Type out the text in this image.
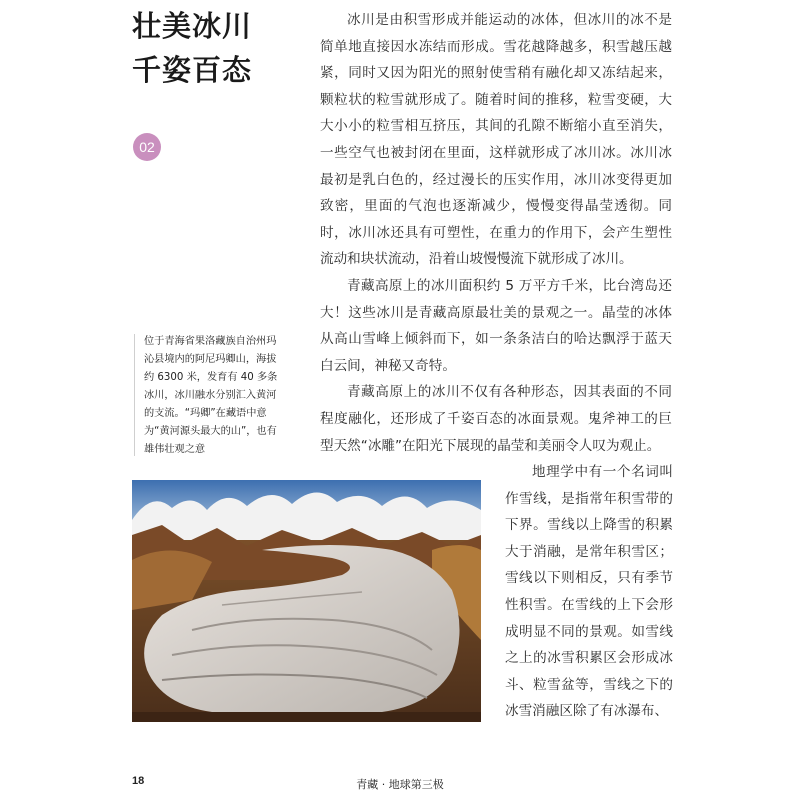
壮美冰川
千姿百态
02

冰川是由积雪形成并能运动的冰体，但冰川的冰不是简单地直接因水冻结而形成。雪花越降越多，积雪越压越紧，同时又因为阳光的照射使雪稍有融化却又冻结起来，颗粒状的粒雪就形成了。随着时间的推移，粒雪变硬，大大小小的粒雪相互挤压，其间的孔隙不断缩小直至消失，一些空气也被封闭在里面，这样就形成了冰川冰。冰川冰最初是乳白色的，经过漫长的压实作用，冰川冰变得更加致密，里面的气泡也逐渐减少，慢慢变得晶莹透彻。同时，冰川冰还具有可塑性，在重力的作用下，会产生塑性流动和块状流动，沿着山坡慢慢流下就形成了冰川。

青藏高原上的冰川面积约 5 万平方千米，比台湾岛还大！这些冰川是青藏高原最壮美的景观之一。晶莹的冰体从高山雪峰上倾斜而下，如一条条洁白的哈达飘浮于蓝天白云间，神秘又奇特。

青藏高原上的冰川不仅有各种形态，因其表面的不同程度融化，还形成了千姿百态的冰面景观。鬼斧神工的巨型天然“冰雕”在阳光下展现的晶莹和美丽令人叹为观止。

地理学中有一个名词叫作雪线，是指常年积雪带的下界。雪线以上降雪的积累大于消融，是常年积雪区；雪线以下则相反，只有季节性积雪。在雪线的上下会形成明显不同的景观。如雪线之上的冰雪积累区会形成冰斗、粒雪盆等，雪线之下的冰雪消融区除了有冰瀑布、

位于青海省果洛藏族自治州玛沁县境内的阿尼玛卿山，海拔约 6300 米，发育有 40 多条冰川，冰川融水分别汇入黄河的支流。“玛卿”在藏语中意为“黄河源头最大的山”，也有雄伟壮观之意
18	青藏 · 地球第三极
